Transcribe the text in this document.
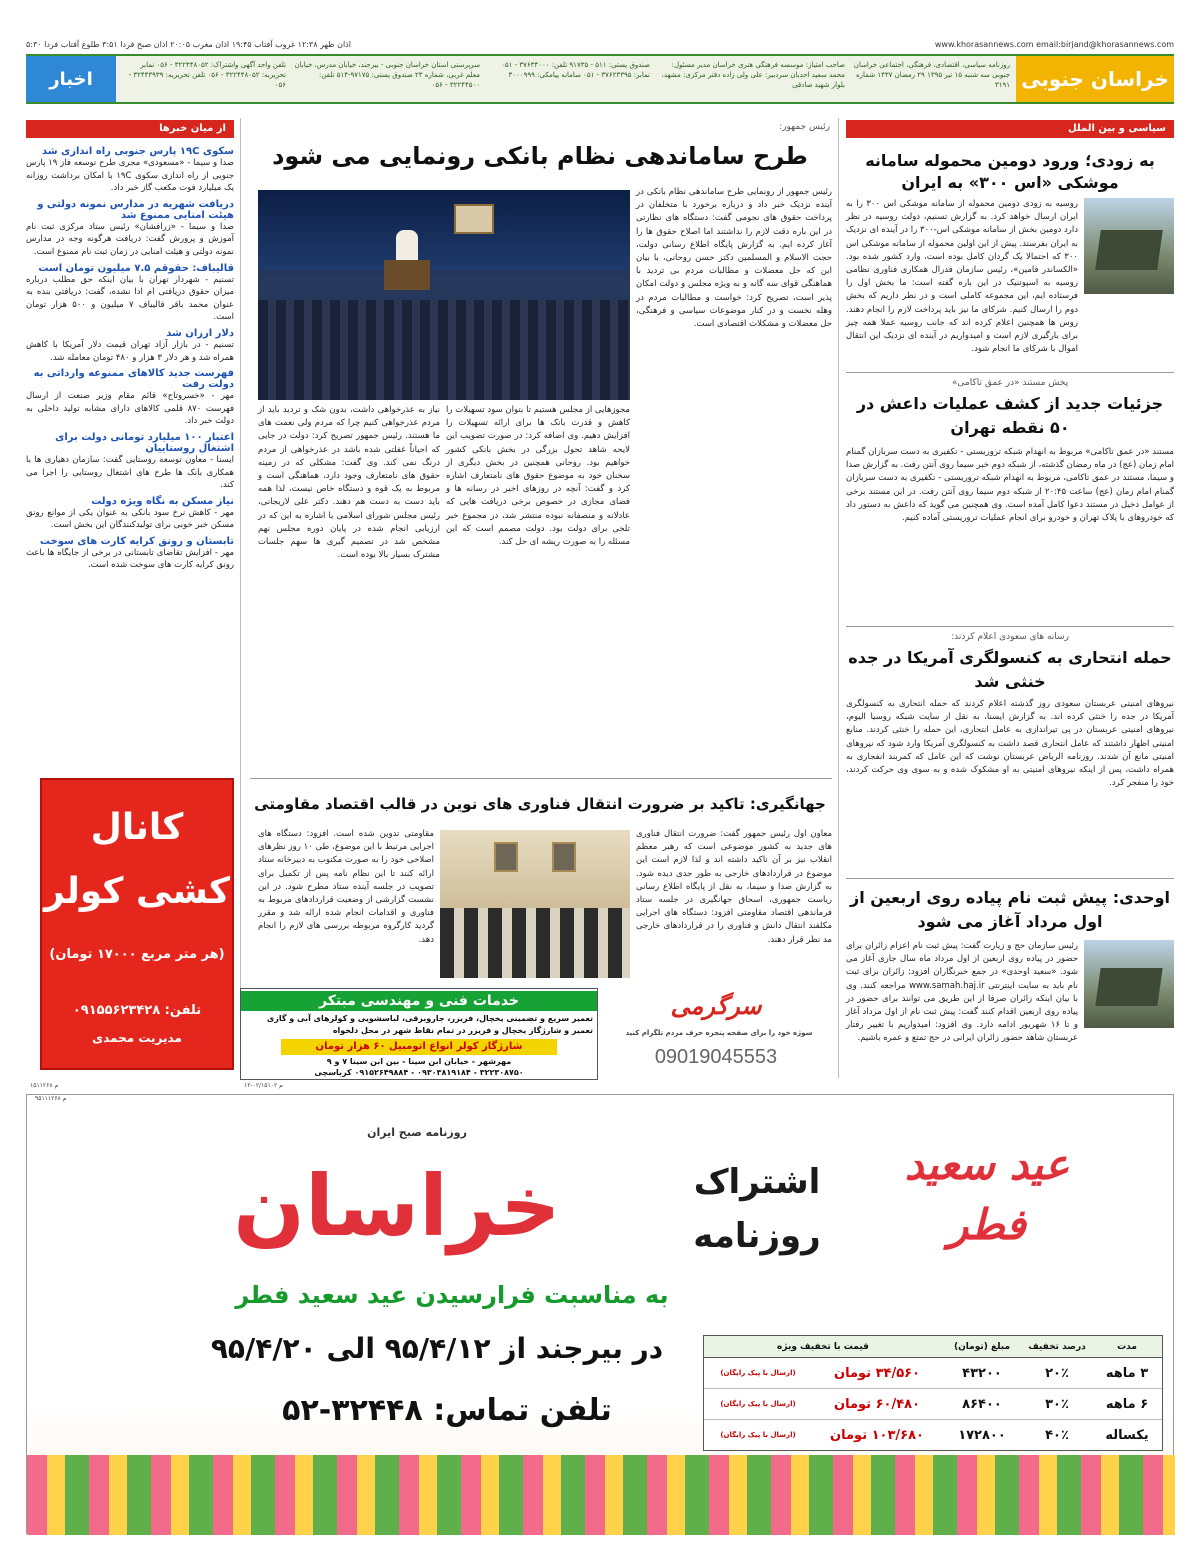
اذان ظهر ۱۲:۳۸ غروب آفتاب ۱۹:۴۵ اذان مغرب ۲۰:۰۵ اذان صبح فردا ۳:۵۱ طلوع آفتاب فردا ۵:۳۰	www.khorasannews.com email:birjand@khorasannews.com
خراسان جنوبی
اخبار
روزنامه سیاسی، اقتصادی، فرهنگی، اجتماعی خراسان جنوبی سه شنبه ۱۵ تیر ۱۳۹۵ ۲۹ رمضان ۱۴۳۷ شماره ۳۱۹۱
صاحب امتیاز: موسسه فرهنگی هنری خراسان مدیر مسئول: محمد سعید احدیان سردبیر: علی ولی زاده دفتر مرکزی: مشهد، بلوار شهید صادقی
صندوق پستی: ۵۱۱ - ۹۱۷۳۵ تلفن: ۳۷۶۳۴۰۰۰ - ۰۵۱ نمابر: ۳۷۶۲۳۳۹۵ - ۰۵۱ سامانه پیامکی: ۳۰۰۰۹۹۹
سرپرستی استان خراسان جنوبی - بیرجند، خیابان مدرس، خیابان معلم غربی، شماره ۲۳ صندوق پستی: ۹۷۱۷۵-۵۱۴ تلفن: ۳۲۲۴۴۵۰۰ - ۰۵۶
تلفن واحد آگهی واشتراک: ۳۲۲۴۴۸۰۵۲ - ۰۵۶ نمابر تحریریه: ۳۲۲۴۴۸۰۵۲ - ۰۵۶ تلفن تحریریه: ۳۲۴۴۳۹۳۹ - ۰۵۶
سیاسی و بین الملل
به زودی؛ ورود دومین محموله سامانه موشکی «اس ۳۰۰» به ایران
روسیه به زودی دومین محموله از سامانه موشکی اس ۳۰۰ را به ایران ارسال خواهد کرد. به گزارش تسنیم، دولت روسیه در نظر دارد دومین بخش از سامانه موشکی اس-۳۰۰ را در آینده ای نزدیک به ایران بفرستد. پیش از این اولین محموله از سامانه موشکی اس ۳۰۰ که احتمالا یک گردان کامل بوده است، وارد کشور شده بود. «الکساندر فامین»، رئیس سازمان فدرال همکاری فناوری نظامی روسیه به اسپوتنیک در این باره گفته است: ما بخش اول را فرستاده ایم، این مجموعه کاملی است و در نظر داریم که بخش دوم را ارسال کنیم. شرکای ما نیز باید پرداخت لازم را انجام دهند. روس ها همچنین اعلام کرده اند که جانب روسیه عملا همه چیز برای بارگیری لازم است و امیدواریم در آینده ای نزدیک این انتقال اموال با شرکای ما انجام شود.
پخش مستند «در عمق تاکامی»
جزئیات جدید از کشف عملیات داعش در ۵۰ نقطه تهران
مستند «در عمق تاکامی» مربوط به انهدام شبکه تروریستی - تکفیری به دست سربازان گمنام امام زمان (عج) در ماه رمضان گذشته، از شبکه دوم خبر سیما روی آنتن رفت. به گزارش صدا و سیما، مستند در عمق تاکامی، مربوط به انهدام شبکه تروریستی - تکفیری به دست سربازان گمنام امام زمان (عج) ساعت ۲۰:۴۵ از شبکه دوم سیما روی آنتن رفت. در این مستند برخی از عوامل دخیل در مستند دعوا کامل آمده است. وی همچنین می گوید که داعش به دستور داد که خودروهای با پلاک تهران و خودرو برای انجام عملیات تروریستی آماده کنیم.
رسانه های سعودی اعلام کردند:
حمله انتحاری به کنسولگری آمریکا در جده خنثی شد
نیروهای امنیتی عربستان سعودی روز گذشته اعلام کردند که حمله انتحاری به کنسولگری آمریکا در جده را خنثی کرده اند. به گزارش ایسنا، به نقل از سایت شبکه روسیا الیوم، نیروهای امنیتی عربستان در پی تیراندازی به عامل انتحاری، این حمله را خنثی کردند. منابع امنیتی اظهار داشتند که عامل انتحاری قصد داشت به کنسولگری آمریکا وارد شود که نیروهای امنیتی مانع آن شدند. روزنامه الریاض عربستان نوشت که این عامل که کمربند انفجاری به همراه داشت، پس از اینکه نیروهای امنیتی به او مشکوک شده و به سوی وی حرکت کردند، خود را منفجر کرد.
اوحدی: پیش ثبت نام پیاده روی اربعین از اول مرداد آغاز می شود
رئیس سازمان حج و زیارت گفت: پیش ثبت نام اعزام زائران برای حضور در پیاده روی اربعین از اول مرداد ماه سال جاری آغاز می شود. «سعید اوحدی» در جمع خبرنگاران افزود: زائران برای ثبت نام باید به سایت اینترنتی www.samah.haj.ir مراجعه کنند. وی با بیان اینکه زائران صرفا از این طریق می توانند برای حضور در پیاده روی اربعین اقدام کنند گفت: پیش ثبت نام از اول مرداد آغاز و تا ۱۶ شهریور ادامه دارد. وی افزود: امیدواریم با تغییر رفتار عربستان شاهد حضور زائران ایرانی در حج تمتع و عمره باشیم.
رئیس جمهور:
طرح ساماندهی نظام بانکی رونمایی می شود
رئیس جمهور از رونمایی طرح ساماندهی نظام بانکی در آینده نزدیک خبر داد و درباره برخورد با متخلفان در پرداخت حقوق های نجومی گفت: دستگاه های نظارتی در این باره دقت لازم را نداشتند اما اصلاح حقوق ها را آغاز کرده ایم. به گزارش پایگاه اطلاع رسانی دولت، حجت الاسلام و المسلمین دکتر حسن روحانی، با بیان این که حل معضلات و مطالبات مردم بی تردید با هماهنگی قوای سه گانه و به ویژه مجلس و دولت امکان پذیر است، تصریح کرد: خواست و مطالبات مردم در وهله نخست و در کنار موضوعات سیاسی و فرهنگی، حل معضلات و مشکلات اقتصادی است.
مجوزهایی از مجلس هستیم تا بتوان سود تسهیلات را کاهش و قدرت بانک ها برای ارائه تسهیلات را افزایش دهیم. وی اضافه کرد: در صورت تصویب این لایحه شاهد تحول بزرگی در بخش بانکی کشور خواهیم بود. روحانی همچنین در بخش دیگری از سخنان خود به موضوع حقوق های نامتعارف اشاره کرد و گفت: آنچه در روزهای اخیر در رسانه ها و فضای مجازی در خصوص برخی دریافت هایی که عادلانه و منصفانه نبوده منتشر شد، در مجموع خبر تلخی برای دولت بود. دولت مصمم است که این مسئله را به صورت ریشه ای حل کند.
نیاز به عذرخواهی داشت، بدون شک و تردید باید از مردم عذرخواهی کنیم چرا که مردم ولی نعمت های ما هستند. رئیس جمهور تصریح کرد: دولت در جایی که احیاناً غفلتی شده باشد در عذرخواهی از مردم درنگ نمی کند. وی گفت: مشکلی که در زمینه حقوق های نامتعارف وجود دارد، هماهنگی است و مربوط به یک قوه و دستگاه خاص نیست، لذا همه باید دست به دست هم دهند. دکتر علی لاریجانی، رئیس مجلس شورای اسلامی با اشاره به این که در ارزیابی انجام شده در پایان دوره مجلس نهم مشخص شد در تصمیم گیری ها سهم جلسات مشترک بسیار بالا بوده است.
جهانگیری: تاکید بر ضرورت انتقال فناوری های نوین در قالب اقتصاد مقاومتی
معاون اول رئیس جمهور گفت: ضرورت انتقال فناوری های جدید به کشور موضوعی است که رهبر معظم انقلاب نیز بر آن تاکید داشته اند و لذا لازم است این موضوع در قراردادهای خارجی به طور جدی دیده شود. به گزارش صدا و سیما، به نقل از پایگاه اطلاع رسانی ریاست جمهوری، اسحاق جهانگیری در جلسه ستاد فرماندهی اقتصاد مقاومتی افزود: دستگاه های اجرایی مکلفند انتقال دانش و فناوری را در قراردادهای خارجی مد نظر قرار دهند.
مقاومتی تدوین شده است. افزود: دستگاه های اجرایی مرتبط با این موضوع، طی ۱۰ روز نظرهای اصلاحی خود را به صورت مکتوب به دبیرخانه ستاد ارائه کنند تا این نظام نامه پس از تکمیل برای تصویب در جلسه آینده ستاد مطرح شود. در این نشست گزارشی از وضعیت قراردادهای مربوط به فناوری و اقدامات انجام شده ارائه شد و مقرر گردید کارگروه مربوطه بررسی های لازم را انجام دهد.
خدمات فنی و مهندسی مبتکر
تعمیر سریع و تضمینی یخچال، فریزر، جاروبرقی، لباسشویی و کولرهای آبی و گازی
تعمیر و شارژگاز یخچال و فریزر در تمام نقاط شهر در محل دلخواه
شارژگاز کولر انواع اتومبیل ۶۰ هزار تومان
مهرشهر - خیابان ابن سینا - بین ابن سینا ۷ و ۹
۳۲۲۳۰۸۷۵۰ - ۰۹۳۰۳۸۱۹۱۸۴ - ۰۹۱۵۲۶۴۹۸۸۴ کرباسچی
۱۲-۰۲/۱۵۱۰۲ م
سرگرمی
سوژه خود را برای صفحه پنجره حرف مردم تلگرام کنید
09019045553
از میان خبرها
سکوی ۱۹C پارس جنوبی راه اندازی شد

صدا و سیما - «مسعودی» مجری طرح توسعه فاز ۱۹ پارس جنوبی از راه اندازی سکوی ۱۹C با امکان برداشت روزانه یک میلیارد فوت مکعب گاز خبر داد.

دریافت شهریه در مدارس نمونه دولتی و هیئت امنایی ممنوع شد

صدا و سیما - «زرافشان» رئیس ستاد مرکزی ثبت نام آموزش و پرورش گفت: دریافت هرگونه وجه در مدارس نمونه دولتی و هیئت امنایی در زمان ثبت نام ممنوع است.

قالیباف: حقوقم ۷.۵ میلیون تومان است

تسنیم - شهردار تهران با بیان اینکه حق مطلب درباره میزان حقوق دریافتی ام ادا نشده، گفت: دریافتی بنده به عنوان محمد باقر قالیباف ۷ میلیون و ۵۰۰ هزار تومان است.

دلار ارزان شد

تسنیم - در بازار آزاد تهران قیمت دلار آمریکا با کاهش همراه شد و هر دلار ۳ هزار و ۴۸۰ تومان معامله شد.

فهرست جدید کالاهای ممنوعه وارداتی به دولت رفت

مهر - «خسروتاج» قائم مقام وزیر صنعت از ارسال فهرست ۸۷۰ قلمی کالاهای دارای مشابه تولید داخلی به دولت خبر داد.

اعتبار ۱۰۰ میلیارد تومانی دولت برای اشتغال روستاییان

ایسنا - معاون توسعه روستایی گفت: سازمان دهیاری ها با همکاری بانک ها طرح های اشتغال روستایی را اجرا می کند.

نیاز مسکن به نگاه ویژه دولت

مهر - کاهش نرخ سود بانکی به عنوان یکی از موانع رونق مسکن خبر خوبی برای تولیدکنندگان این بخش است.

تابستان و رونق کرایه کارت های سوخت

مهر - افزایش تقاضای تابستانی در برخی از جایگاه ها باعث رونق کرایه کارت های سوخت شده است.

کانال کشی کولر
(هر متر مربع ۱۷۰۰۰ تومان)
تلفن: ۰۹۱۵۵۶۲۳۴۲۸
مدیریت محمدی
۱۵۱۱۲۶۸ م
عید سعید فطر
اشتراک روزنامه
خراسان
روزنامه صبح ایران
به مناسبت فرارسیدن عید سعید فطر
در بیرجند از ۹۵/۴/۱۲ الی ۹۵/۴/۲۰
تلفن تماس: ۳۲۴۴۸-۵۲
۹۵۱۱۱۲۶۸ م
مدت
درصد تخفیف
مبلغ (تومان)
قیمت با تخفیف ویژه
۳ ماهه
۲۰٪
۴۳۲۰۰
۳۴/۵۶۰ تومان
(ارسال با پیک رایگان)
۶ ماهه
۳۰٪
۸۶۴۰۰
۶۰/۴۸۰ تومان
(ارسال با پیک رایگان)
یکساله
۴۰٪
۱۷۲۸۰۰
۱۰۳/۶۸۰ تومان
(ارسال با پیک رایگان)
